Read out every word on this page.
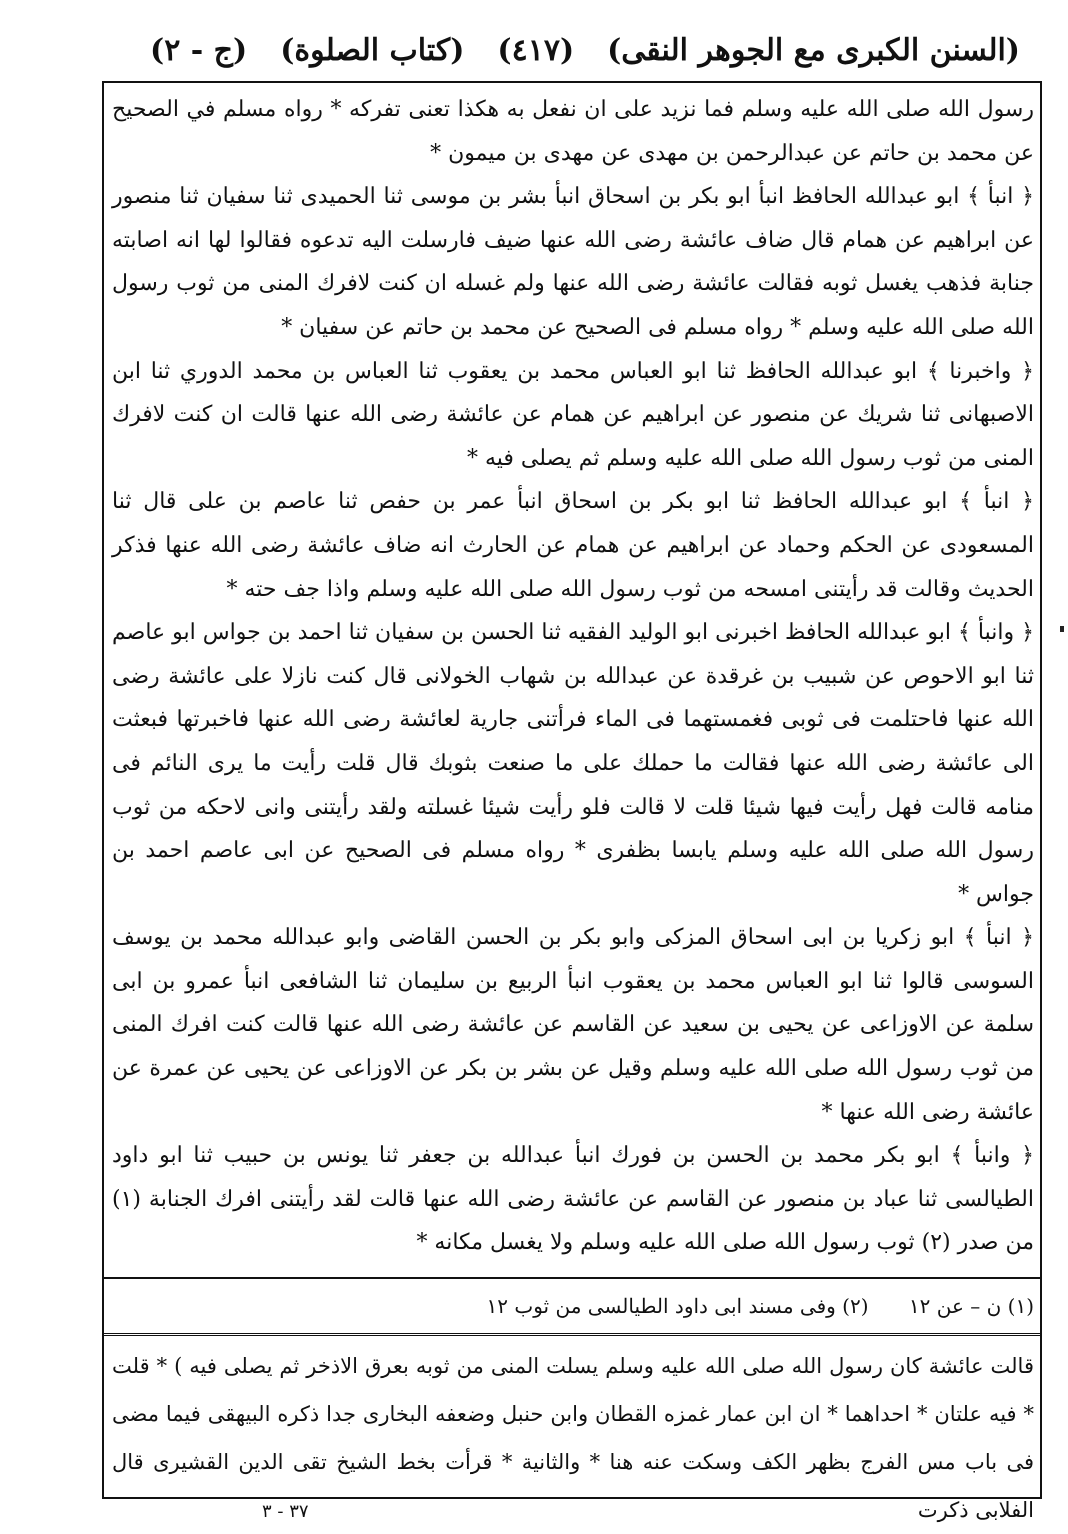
(السنن الكبرى مع الجوهر النقى)
(٤١٧)
(كتاب الصلوة)
(ج - ٢)

رسول الله صلى الله عليه وسلم فما نزيد على ان نفعل به هكذا تعنى تفركه * رواه مسلم في الصحيح عن محمد بن حاتم عن عبدالرحمن بن مهدى عن مهدى بن ميمون *

﴿ انبأ ﴾ ابو عبدالله الحافظ انبأ ابو بكر بن اسحاق انبأ بشر بن موسى ثنا الحميدى ثنا سفيان ثنا منصور عن ابراهيم عن همام قال ضاف عائشة رضى الله عنها ضيف فارسلت اليه تدعوه فقالوا لها انه اصابته جنابة فذهب يغسل ثوبه فقالت عائشة رضى الله عنها ولم غسله ان كنت لافرك المنى من ثوب رسول الله صلى الله عليه وسلم * رواه مسلم فى الصحيح عن محمد بن حاتم عن سفيان *

﴿ واخبرنا ﴾ ابو عبدالله الحافظ ثنا ابو العباس محمد بن يعقوب ثنا العباس بن محمد الدوري ثنا ابن الاصبهانى ثنا شريك عن منصور عن ابراهيم عن همام عن عائشة رضى الله عنها قالت ان كنت لافرك المنى من ثوب رسول الله صلى الله عليه وسلم ثم يصلى فيه *

﴿ انبأ ﴾ ابو عبدالله الحافظ ثنا ابو بكر بن اسحاق انبأ عمر بن حفص ثنا عاصم بن على قال ثنا المسعودى عن الحكم وحماد عن ابراهيم عن همام عن الحارث انه ضاف عائشة رضى الله عنها فذكر الحديث وقالت قد رأيتنى امسحه من ثوب رسول الله صلى الله عليه وسلم واذا جف حته *

﴿ وانبأ ﴾ ابو عبدالله الحافظ اخبرنى ابو الوليد الفقيه ثنا الحسن بن سفيان ثنا احمد بن جواس ابو عاصم ثنا ابو الاحوص عن شبيب بن غرقدة عن عبدالله بن شهاب الخولانى قال كنت نازلا على عائشة رضى الله عنها فاحتلمت فى ثوبى فغمستهما فى الماء فرأتنى جارية لعائشة رضى الله عنها فاخبرتها فبعثت الى عائشة رضى الله عنها فقالت ما حملك على ما صنعت بثوبك قال قلت رأيت ما يرى النائم فى منامه قالت فهل رأيت فيها شيئا قلت لا قالت فلو رأيت شيئا غسلته ولقد رأيتنى وانى لاحكه من ثوب رسول الله صلى الله عليه وسلم يابسا بظفرى * رواه مسلم فى الصحيح عن ابى عاصم احمد بن جواس *

﴿ انبأ ﴾ ابو زكريا بن ابى اسحاق المزكى وابو بكر بن الحسن القاضى وابو عبدالله محمد بن يوسف السوسى قالوا ثنا ابو العباس محمد بن يعقوب انبأ الربيع بن سليمان ثنا الشافعى انبأ عمرو بن ابى سلمة عن الاوزاعى عن يحيى بن سعيد عن القاسم عن عائشة رضى الله عنها قالت كنت افرك المنى من ثوب رسول الله صلى الله عليه وسلم وقيل عن بشر بن بكر عن الاوزاعى عن يحيى عن عمرة عن عائشة رضى الله عنها *

﴿ وانبأ ﴾ ابو بكر محمد بن الحسن بن فورك انبأ عبدالله بن جعفر ثنا يونس بن حبيب ثنا ابو داود الطيالسى ثنا عباد بن منصور عن القاسم عن عائشة رضى الله عنها قالت لقد رأيتنى افرك الجنابة (١) من صدر (٢) ثوب رسول الله صلى الله عليه وسلم ولا يغسل مكانه *

(١) ن – عن ١٢ (٢) وفى مسند ابى داود الطيالسى من ثوب ١٢
قالت عائشة كان رسول الله صلى الله عليه وسلم يسلت المنى من ثوبه بعرق الاذخر ثم يصلى فيه ) * قلت * فيه علتان * احداهما * ان ابن عمار غمزه القطان وابن حنبل وضعفه البخارى جدا ذكره البيهقى فيما مضى فى باب مس الفرج بظهر الكف وسكت عنه هنا * والثانية * قرأت بخط الشيخ تقى الدين القشيرى قال الفلابى ذكرت
٣٧ - ٣
